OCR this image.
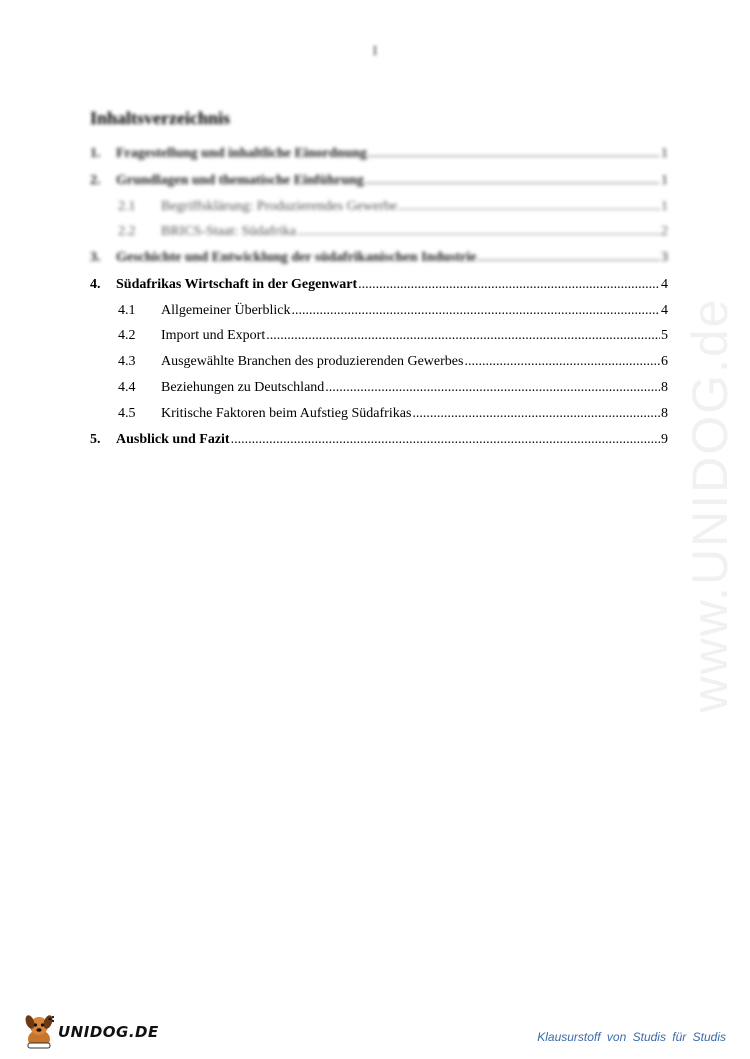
I
Inhaltsverzeichnis
1.	Fragestellung und inhaltliche Einordnung .....	1
2.	Grundlagen und thematische Einführung .....	1
2.1	Begriffsklärung: Produzierendes Gewerbe .....	1
2.2	BRICS-Staat: Südafrika .....	2
3.	Geschichte und Entwicklung der südafrikanischen Industrie .....	3
4.	Südafrikas Wirtschaft in der Gegenwart .....	4
4.1	Allgemeiner Überblick .....	4
4.2	Import und Export .....	5
4.3	Ausgewählte Branchen des produzierenden Gewerbes .....	6
4.4	Beziehungen zu Deutschland .....	8
4.5	Kritische Faktoren beim Aufstieg Südafrikas .....	8
5.	Ausblick und Fazit .....	9 www.UNIDOG.de
UNIDOG.DE	Klausurstoff von Studis für Studis
